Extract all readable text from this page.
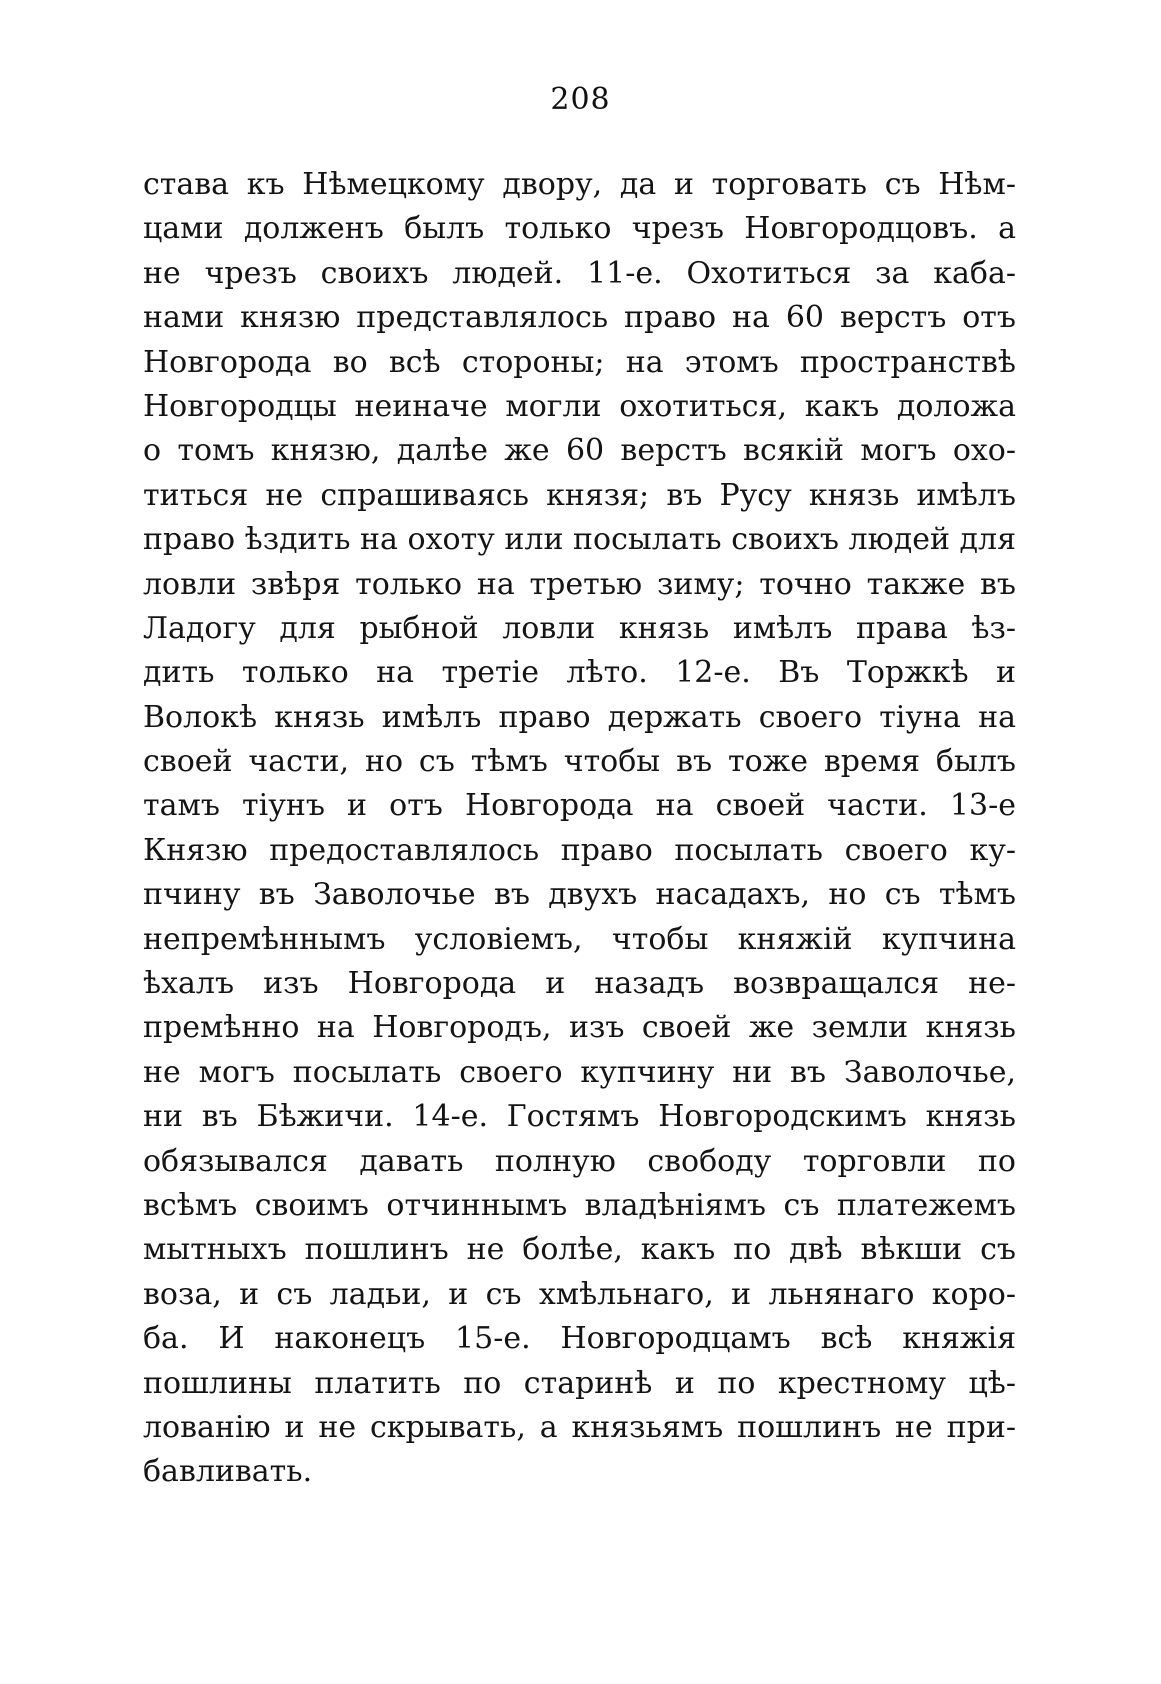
208
става къ Нѣмецкому двору, да и торговать съ Нѣм-
цами долженъ былъ только чрезъ Новгородцовъ. а
не чрезъ своихъ людей. 11-е. Охотиться за каба-
нами князю представлялось право на 60 верстъ отъ
Новгорода во всѣ стороны; на этомъ пространствѣ
Новгородцы неиначе могли охотиться, какъ доложа
о томъ князю, далѣе же 60 верстъ всякій могъ охо-
титься не спрашиваясь князя; въ Русу князь имѣлъ
право ѣздить на охоту или посылать своихъ людей для
ловли звѣря только на третью зиму; точно также въ
Ладогу для рыбной ловли князь имѣлъ права ѣз-
дить только на третіе лѣто. 12-е. Въ Торжкѣ и
Волокѣ князь имѣлъ право держать своего тіуна на
своей части, но съ тѣмъ чтобы въ тоже время былъ
тамъ тіунъ и отъ Новгорода на своей части. 13-е
Князю предоставлялось право посылать своего ку-
пчину въ Заволочье въ двухъ насадахъ, но съ тѣмъ
непремѣннымъ условіемъ, чтобы княжій купчина
ѣхалъ изъ Новгорода и назадъ возвращался не-
премѣнно на Новгородъ, изъ своей же земли князь
не могъ посылать своего купчину ни въ Заволочье,
ни въ Бѣжичи. 14-е. Гостямъ Новгородскимъ князь
обязывался давать полную свободу торговли по
всѣмъ своимъ отчиннымъ владѣніямъ съ платежемъ
мытныхъ пошлинъ не болѣе, какъ по двѣ вѣкши съ
воза, и съ ладьи, и съ хмѣльнаго, и льнянаго коро-
ба. И наконецъ 15-е. Новгородцамъ всѣ княжія
пошлины платить по старинѣ и по крестному цѣ-
лованію и не скрывать, а князьямъ пошлинъ не при-
бавливать.
